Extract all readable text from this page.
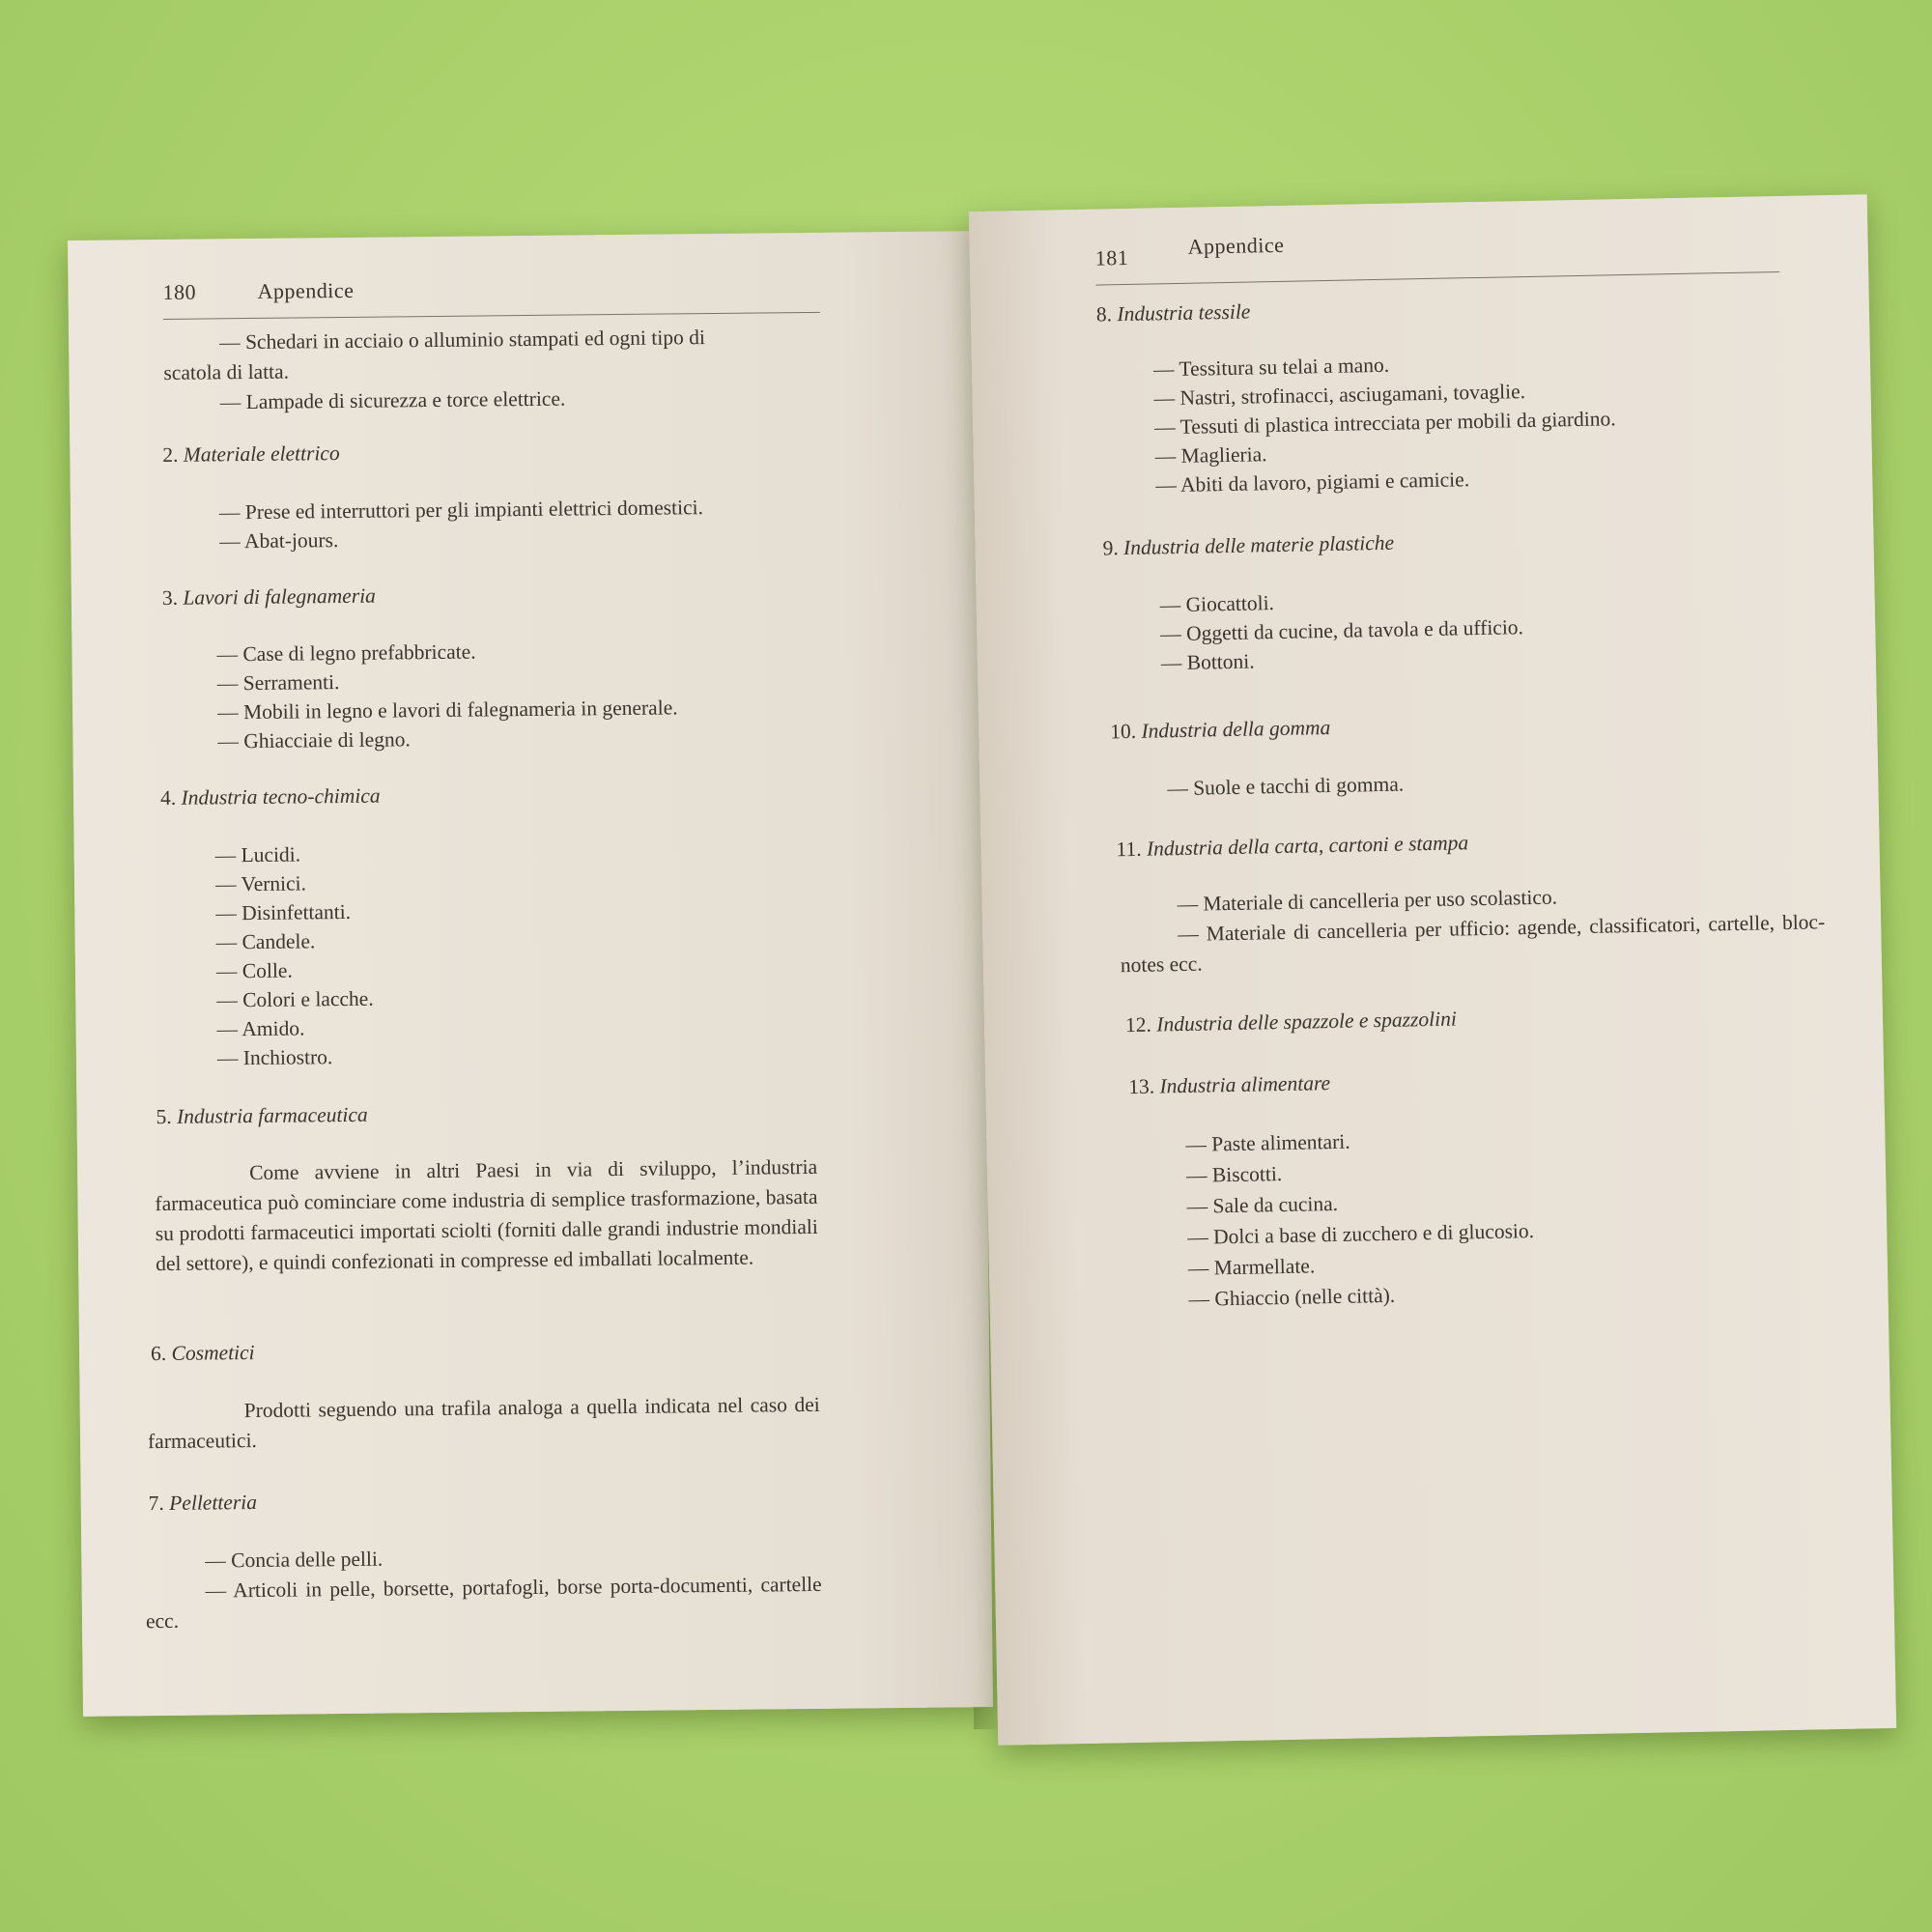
180	Appendice
— Schedari in acciaio o alluminio stampati ed ogni tipo di
scatola di latta.
— Lampade di sicurezza e torce elettrice.
2. Materiale elettrico
— Prese ed interruttori per gli impianti elettrici domestici.
— Abat-jours.
3. Lavori di falegnameria
— Case di legno prefabbricate.
— Serramenti.
— Mobili in legno e lavori di falegnameria in generale.
— Ghiacciaie di legno.
4. Industria tecno-chimica
— Lucidi.
— Vernici.
— Disinfettanti.
— Candele.
— Colle.
— Colori e lacche.
— Amido.
— Inchiostro.
5. Industria farmaceutica
Come avviene in altri Paesi in via di sviluppo, l’industria farmaceutica può cominciare come industria di semplice trasformazione, basata su prodotti farmaceutici importati sciolti (forniti dalle grandi industrie mondiali del settore), e quindi confezionati in compresse ed imballati localmente.
6. Cosmetici
Prodotti seguendo una trafila analoga a quella indicata nel caso dei farmaceutici.
7. Pelletteria
— Concia delle pelli.
— Articoli in pelle, borsette, portafogli, borse porta-documenti, cartelle ecc.
181	Appendice
8. Industria tessile
— Tessitura su telai a mano.
— Nastri, strofinacci, asciugamani, tovaglie.
— Tessuti di plastica intrecciata per mobili da giardino.
— Maglieria.
— Abiti da lavoro, pigiami e camicie.
9. Industria delle materie plastiche
— Giocattoli.
— Oggetti da cucine, da tavola e da ufficio.
— Bottoni.
10. Industria della gomma
— Suole e tacchi di gomma.
11. Industria della carta, cartoni e stampa
— Materiale di cancelleria per uso scolastico.
— Materiale di cancelleria per ufficio: agende, classificatori, cartelle, bloc-notes ecc.
12. Industria delle spazzole e spazzolini
13. Industria alimentare
— Paste alimentari.
— Biscotti.
— Sale da cucina.
— Dolci a base di zucchero e di glucosio.
— Marmellate.
— Ghiaccio (nelle città).
